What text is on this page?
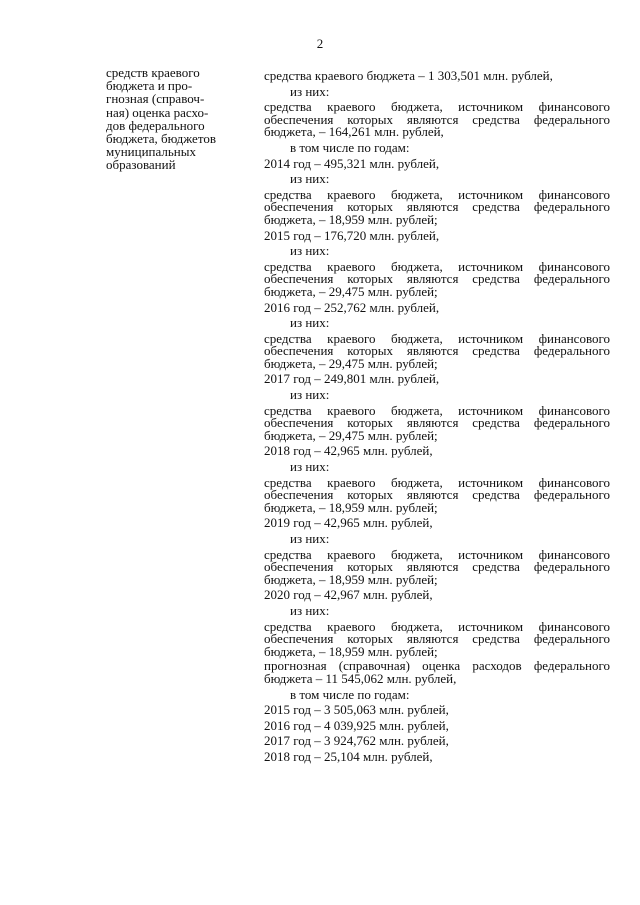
2
средств краевого
бюджета и про-
гнозная (справоч-
ная) оценка расхо-
дов федерального
бюджета, бюджетов
муниципальных
образований
средства краевого бюджета – 1 303,501 млн. рублей,
из них:
средства краевого бюджета, источником финансового обеспечения которых являются средства федерального бюджета, – 164,261 млн. рублей,
в том числе по годам:
2014 год – 495,321 млн. рублей,
из них:
средства краевого бюджета, источником финансового обеспечения которых являются средства федерального бюджета, – 18,959 млн. рублей;
2015 год – 176,720 млн. рублей,
из них:
средства краевого бюджета, источником финансового обеспечения которых являются средства федерального бюджета, – 29,475 млн. рублей;
2016 год – 252,762 млн. рублей,
из них:
средства краевого бюджета, источником финансового обеспечения которых являются средства федерального бюджета, – 29,475 млн. рублей;
2017 год – 249,801 млн. рублей,
из них:
средства краевого бюджета, источником финансового обеспечения которых являются средства федерального бюджета, – 29,475 млн. рублей;
2018 год – 42,965 млн. рублей,
из них:
средства краевого бюджета, источником финансового обеспечения которых являются средства федерального бюджета, – 18,959 млн. рублей;
2019 год – 42,965 млн. рублей,
из них:
средства краевого бюджета, источником финансового обеспечения которых являются средства федерального бюджета, – 18,959 млн. рублей;
2020 год – 42,967 млн. рублей,
из них:
средства краевого бюджета, источником финансового обеспечения которых являются средства федерального бюджета, – 18,959 млн. рублей;
прогнозная (справочная) оценка расходов федерального бюджета – 11 545,062 млн. рублей,
в том числе по годам:
2015 год – 3 505,063 млн. рублей,
2016 год – 4 039,925 млн. рублей,
2017 год – 3 924,762 млн. рублей,
2018 год – 25,104 млн. рублей,
